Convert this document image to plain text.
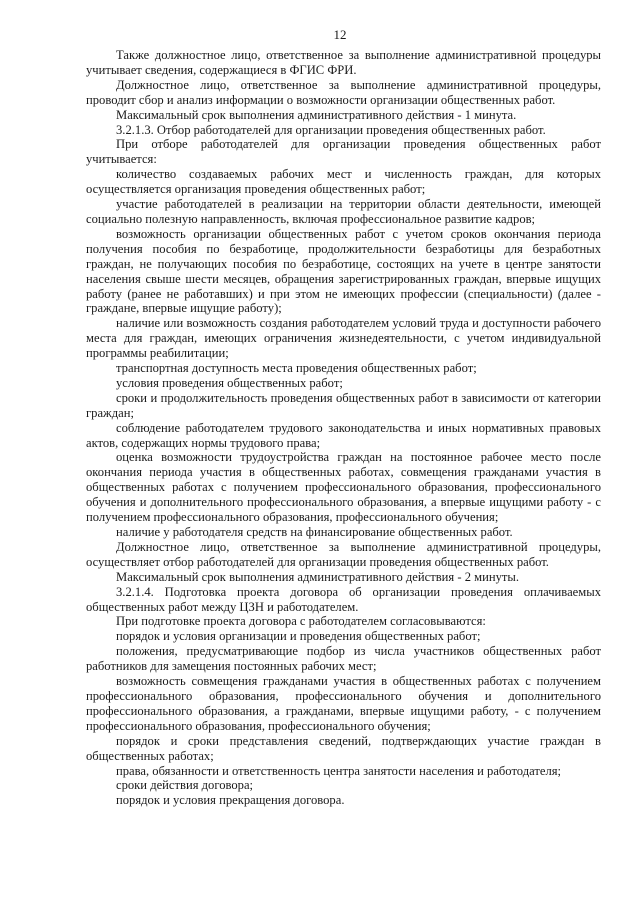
12

Также должностное лицо, ответственное за выполнение административной процедуры учитывает сведения, содержащиеся в ФГИС ФРИ.

Должностное лицо, ответственное за выполнение административной процедуры, проводит сбор и анализ информации о возможности организации общественных работ.

Максимальный срок выполнения административного действия - 1 минута.

3.2.1.3. Отбор работодателей для организации проведения общественных работ.

При отборе работодателей для организации проведения общественных работ учитывается:

количество создаваемых рабочих мест и численность граждан, для которых осуществляется организация проведения общественных работ;

участие работодателей в реализации на территории области деятельности, имеющей социально полезную направленность, включая профессиональное развитие кадров;

возможность организации общественных работ с учетом сроков окончания периода получения пособия по безработице, продолжительности безработицы для безработных граждан, не получающих пособия по безработице, состоящих на учете в центре занятости населения свыше шести месяцев, обращения зарегистрированных граждан, впервые ищущих работу (ранее не работавших) и при этом не имеющих профессии (специальности) (далее - граждане, впервые ищущие работу);

наличие или возможность создания работодателем условий труда и доступности рабочего места для граждан, имеющих ограничения жизнедеятельности, с учетом индивидуальной программы реабилитации;

транспортная доступность места проведения общественных работ;

условия проведения общественных работ;

сроки и продолжительность проведения общественных работ в зависимости от категории граждан;

соблюдение работодателем трудового законодательства и иных нормативных правовых актов, содержащих нормы трудового права;

оценка возможности трудоустройства граждан на постоянное рабочее место после окончания периода участия в общественных работах, совмещения гражданами участия в общественных работах с получением профессионального образования, профессионального обучения и дополнительного профессионального образования, а впервые ищущими работу - с получением профессионального образования, профессионального обучения;

наличие у работодателя средств на финансирование общественных работ.

Должностное лицо, ответственное за выполнение административной процедуры, осуществляет отбор работодателей для организации проведения общественных работ.

Максимальный срок выполнения административного действия - 2 минуты.

3.2.1.4. Подготовка проекта договора об организации проведения оплачиваемых общественных работ между ЦЗН и работодателем.

При подготовке проекта договора с работодателем согласовываются:

порядок и условия организации и проведения общественных работ;

положения, предусматривающие подбор из числа участников общественных работ работников для замещения постоянных рабочих мест;

возможность совмещения гражданами участия в общественных работах с получением профессионального образования, профессионального обучения и дополнительного профессионального образования, а гражданами, впервые ищущими работу, - с получением профессионального образования, профессионального обучения;

порядок и сроки представления сведений, подтверждающих участие граждан в общественных работах;

права, обязанности и ответственность центра занятости населения и работодателя;

сроки действия договора;

порядок и условия прекращения договора.
